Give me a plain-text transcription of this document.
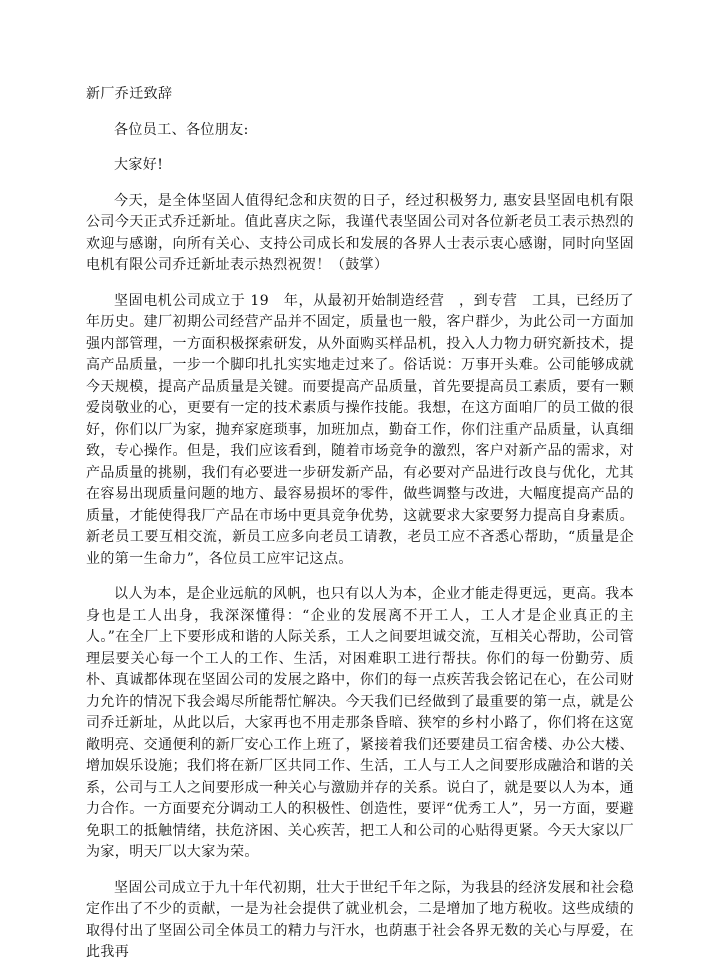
新厂乔迁致辞

各位员工、各位朋友:

大家好!

今天，是全体坚固人值得纪念和庆贺的日子，经过积极努力, 惠安县坚固电机有限公司今天正式乔迁新址。值此喜庆之际，我谨代表坚固公司对各位新老员工表示热烈的欢迎与感谢，向所有关心、支持公司成长和发展的各界人士表示衷心感谢，同时向坚固电机有限公司乔迁新址表示热烈祝贺！（鼓掌）

坚固电机公司成立于 19　年，从最初开始制造经营　，到专营　工具，已经历了　年历史。建厂初期公司经营产品并不固定，质量也一般，客户群少，为此公司一方面加强内部管理，一方面积极探索研发，从外面购买样品机，投入人力物力研究新技术，提高产品质量，一步一个脚印扎扎实实地走过来了。俗话说：万事开头难。公司能够成就今天规模，提高产品质量是关键。而要提高产品质量，首先要提高员工素质，要有一颗爱岗敬业的心，更要有一定的技术素质与操作技能。我想，在这方面咱厂的员工做的很好，你们以厂为家，抛弃家庭琐事，加班加点，勤奋工作，你们注重产品质量，认真细致，专心操作。但是，我们应该看到，随着市场竞争的激烈，客户对新产品的需求，对产品质量的挑剔，我们有必要进一步研发新产品，有必要对产品进行改良与优化，尤其在容易出现质量问题的地方、最容易损坏的零件，做些调整与改进，大幅度提高产品的质量，才能使得我厂产品在市场中更具竞争优势，这就要求大家要努力提高自身素质。新老员工要互相交流，新员工应多向老员工请教，老员工应不吝悉心帮助，“质量是企业的第一生命力”，各位员工应牢记这点。

以人为本，是企业远航的风帆，也只有以人为本，企业才能走得更远，更高。我本身也是工人出身，我深深懂得：“企业的发展离不开工人，工人才是企业真正的主人。”在全厂上下要形成和谐的人际关系，工人之间要坦诚交流，互相关心帮助，公司管理层要关心每一个工人的工作、生活，对困难职工进行帮扶。你们的每一份勤劳、质朴、真诚都体现在坚固公司的发展之路中，你们的每一点疾苦我会铭记在心，在公司财力允许的情况下我会竭尽所能帮忙解决。今天我们已经做到了最重要的第一点，就是公司乔迁新址，从此以后，大家再也不用走那条昏暗、狭窄的乡村小路了，你们将在这宽敞明亮、交通便利的新厂安心工作上班了，紧接着我们还要建员工宿舍楼、办公大楼、增加娱乐设施；我们将在新厂区共同工作、生活，工人与工人之间要形成融洽和谐的关系，公司与工人之间要形成一种关心与激励并存的关系。说白了，就是要以人为本，通力合作。一方面要充分调动工人的积极性、创造性，要评“优秀工人”，另一方面，要避免职工的抵触情绪，扶危济困、关心疾苦，把工人和公司的心贴得更紧。今天大家以厂为家，明天厂以大家为荣。

坚固公司成立于九十年代初期，壮大于世纪千年之际，为我县的经济发展和社会稳定作出了不少的贡献，一是为社会提供了就业机会，二是增加了地方税收。这些成绩的取得付出了坚固公司全体员工的精力与汗水，也荫惠于社会各界无数的关心与厚爱，在此我再
